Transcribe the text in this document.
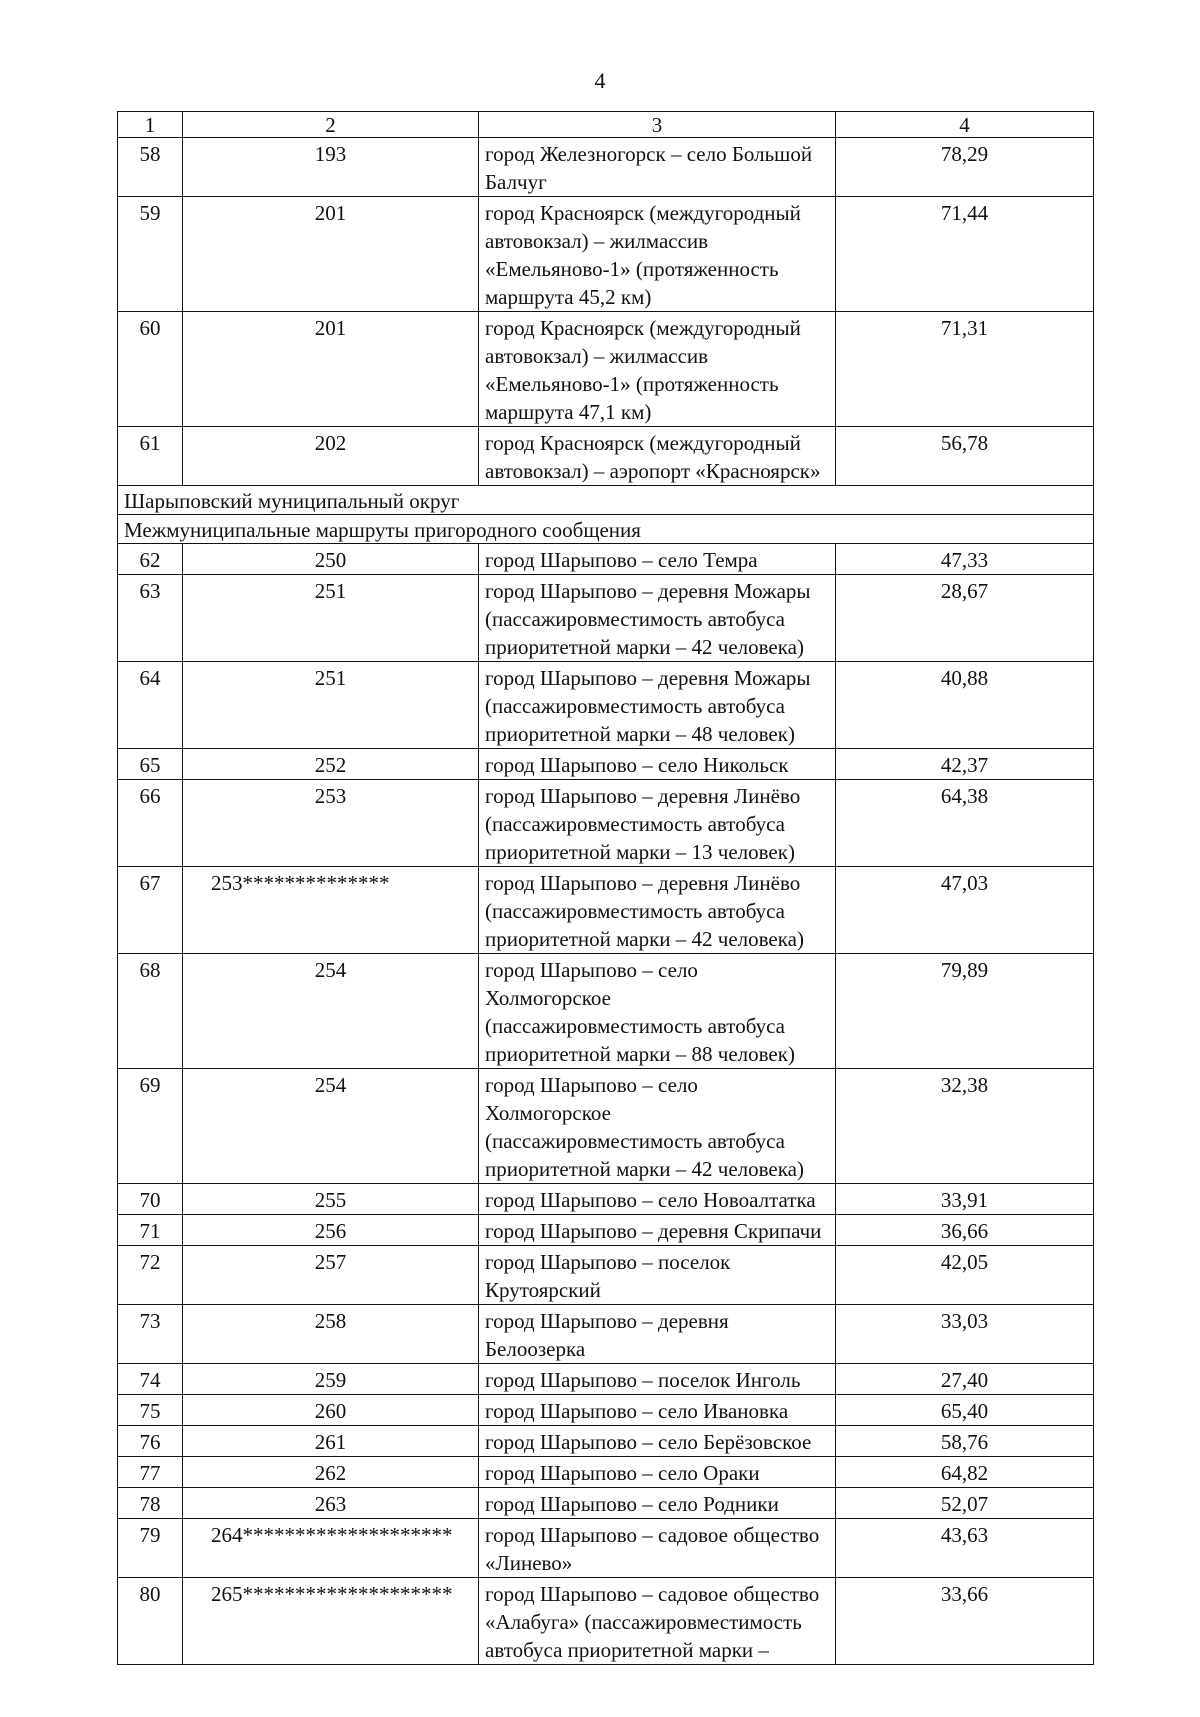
4
1	2	3	4
58	193	город Железногорск – село Большой Балчуг	78,29
59	201	город Красноярск (междугородный автовокзал) – жилмассив «Емельяново-1» (протяженность маршрута 45,2 км)	71,44
60	201	город Красноярск (междугородный автовокзал) – жилмассив «Емельяново-1» (протяженность маршрута 47,1 км)	71,31
61	202	город Красноярск (междугородный автовокзал) – аэропорт «Красноярск»	56,78
Шарыповский муниципальный округ			
Межмуниципальные маршруты пригородного сообщения			
62	250	город Шарыпово – село Темра	47,33
63	251	город Шарыпово – деревня Можары (пассажировместимость автобуса приоритетной марки – 42 человека)	28,67
64	251	город Шарыпово – деревня Можары (пассажировместимость автобуса приоритетной марки – 48 человек)	40,88
65	252	город Шарыпово – село Никольск	42,37
66	253	город Шарыпово – деревня Линёво (пассажировместимость автобуса приоритетной марки – 13 человек)	64,38
67	253**************	город Шарыпово – деревня Линёво (пассажировместимость автобуса приоритетной марки – 42 человека)	47,03
68	254	город Шарыпово – село Холмогорское (пассажировместимость автобуса приоритетной марки – 88 человек)	79,89
69	254	город Шарыпово – село Холмогорское (пассажировместимость автобуса приоритетной марки – 42 человека)	32,38
70	255	город Шарыпово – село Новоалтатка	33,91
71	256	город Шарыпово – деревня Скрипачи	36,66
72	257	город Шарыпово – поселок Крутоярский	42,05
73	258	город Шарыпово – деревня Белоозерка	33,03
74	259	город Шарыпово – поселок Инголь	27,40
75	260	город Шарыпово – село Ивановка	65,40
76	261	город Шарыпово – село Берёзовское	58,76
77	262	город Шарыпово – село Ораки	64,82
78	263	город Шарыпово – село Родники	52,07
79	264********************	город Шарыпово – садовое общество «Линево»	43,63
80	265********************	город Шарыпово – садовое общество «Алабуга» (пассажировместимость автобуса приоритетной марки –	33,66
